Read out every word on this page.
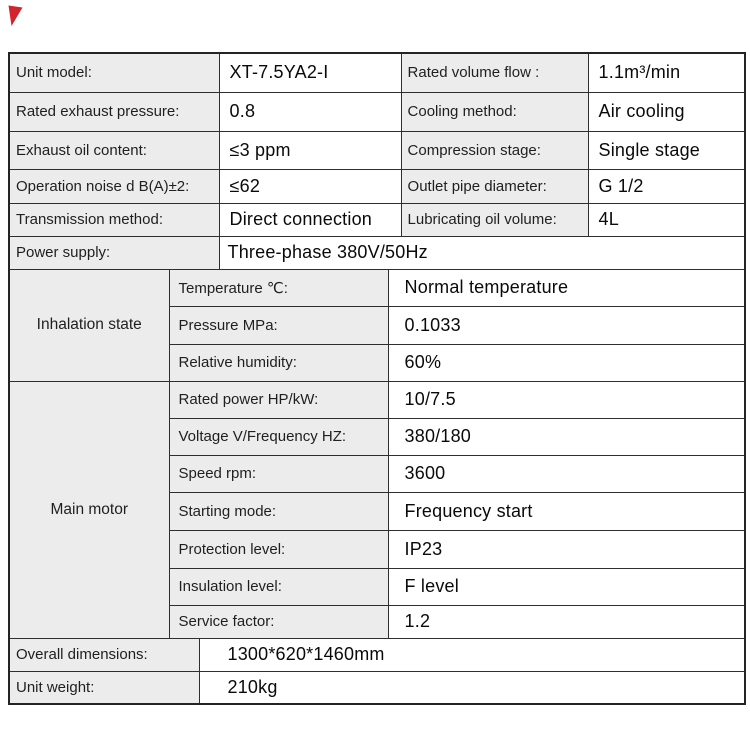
Unit model:			XT-7.5YA2-I		Rated volume flow :	1.1m³/min
Rated exhaust pressure:			0.8		Cooling method:	Air cooling
Exhaust oil content:			≤3 ppm		Compression stage:	Single stage
Operation noise d B(A)±2:			≤62		Outlet pipe diameter:	G 1/2
Transmission method:			Direct connection		Lubricating oil volume:	4L
Power supply:			Three-phase 380V/50Hz			
Inhalation state	Temperature ℃:			Normal temperature		
	Pressure MPa:			0.1033		
	Relative humidity:			60%		
Main motor	Rated power HP/kW:			10/7.5		
	Voltage V/Frequency HZ:			380/180		
	Speed rpm:			3600		
	Starting mode:			Frequency start		
	Protection level:			IP23		
	Insulation level:			F level		
	Service factor:			1.2		
Overall dimensions:		1300*620*1460mm				
Unit weight:		210kg				
